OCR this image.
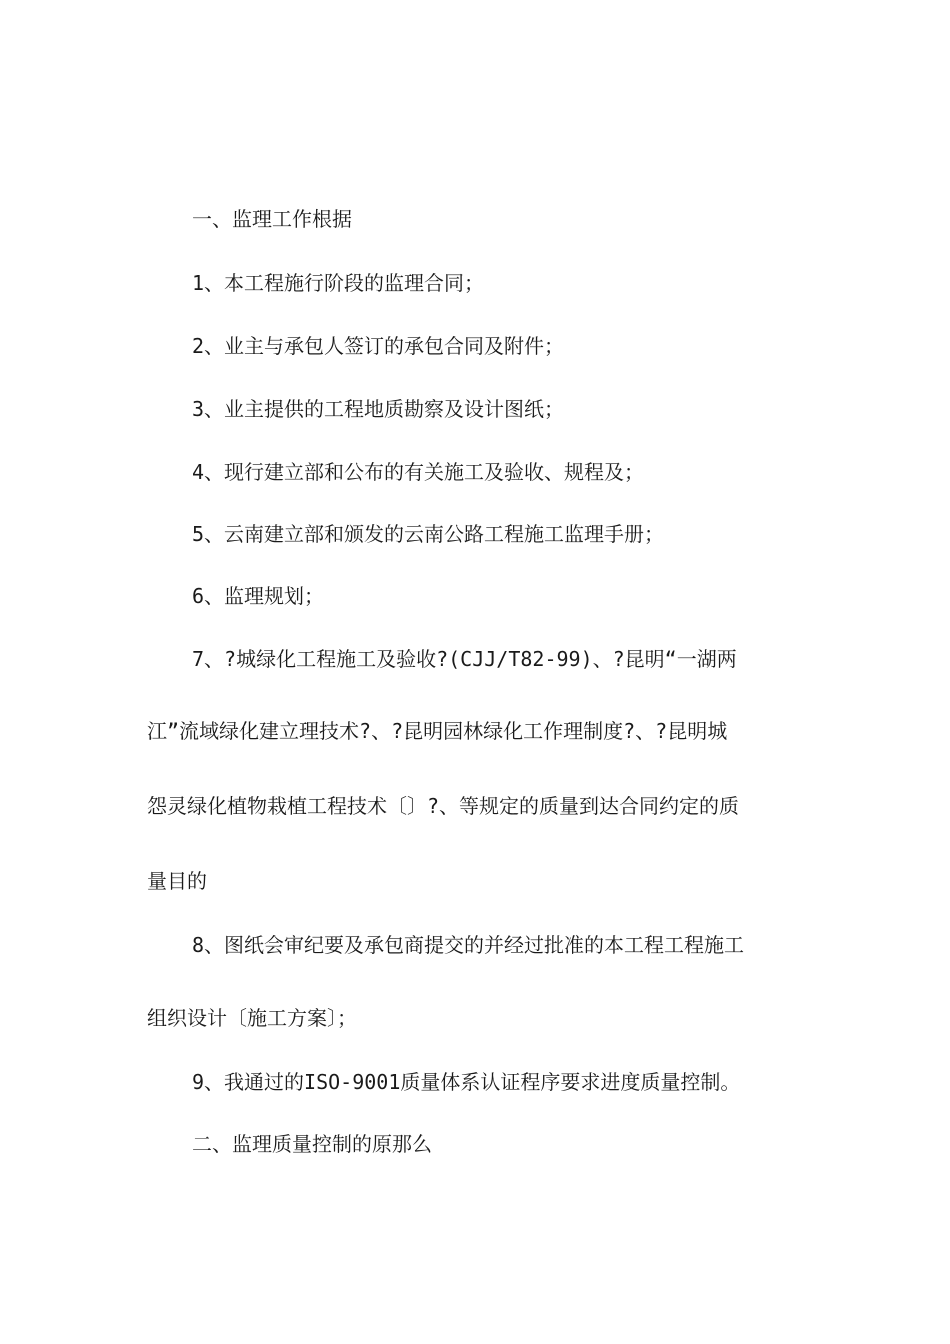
一、监理工作根据
1、本工程施行阶段的监理合同；
2、业主与承包人签订的承包合同及附件；
3、业主提供的工程地质勘察及设计图纸；
4、现行建立部和公布的有关施工及验收、规程及；
5、云南建立部和颁发的云南公路工程施工监理手册；
6、监理规划；
7、?城绿化工程施工及验收?(CJJ/T82-99)、?昆明“一湖两
江”流域绿化建立理技术?、?昆明园林绿化工作理制度?、?昆明城
怨灵绿化植物栽植工程技术〔〕?、等规定的质量到达合同约定的质
量目的
8、图纸会审纪要及承包商提交的并经过批准的本工程工程施工
组织设计〔施工方案〕；
9、我通过的ISO-9001质量体系认证程序要求进度质量控制。
二、监理质量控制的原那么
